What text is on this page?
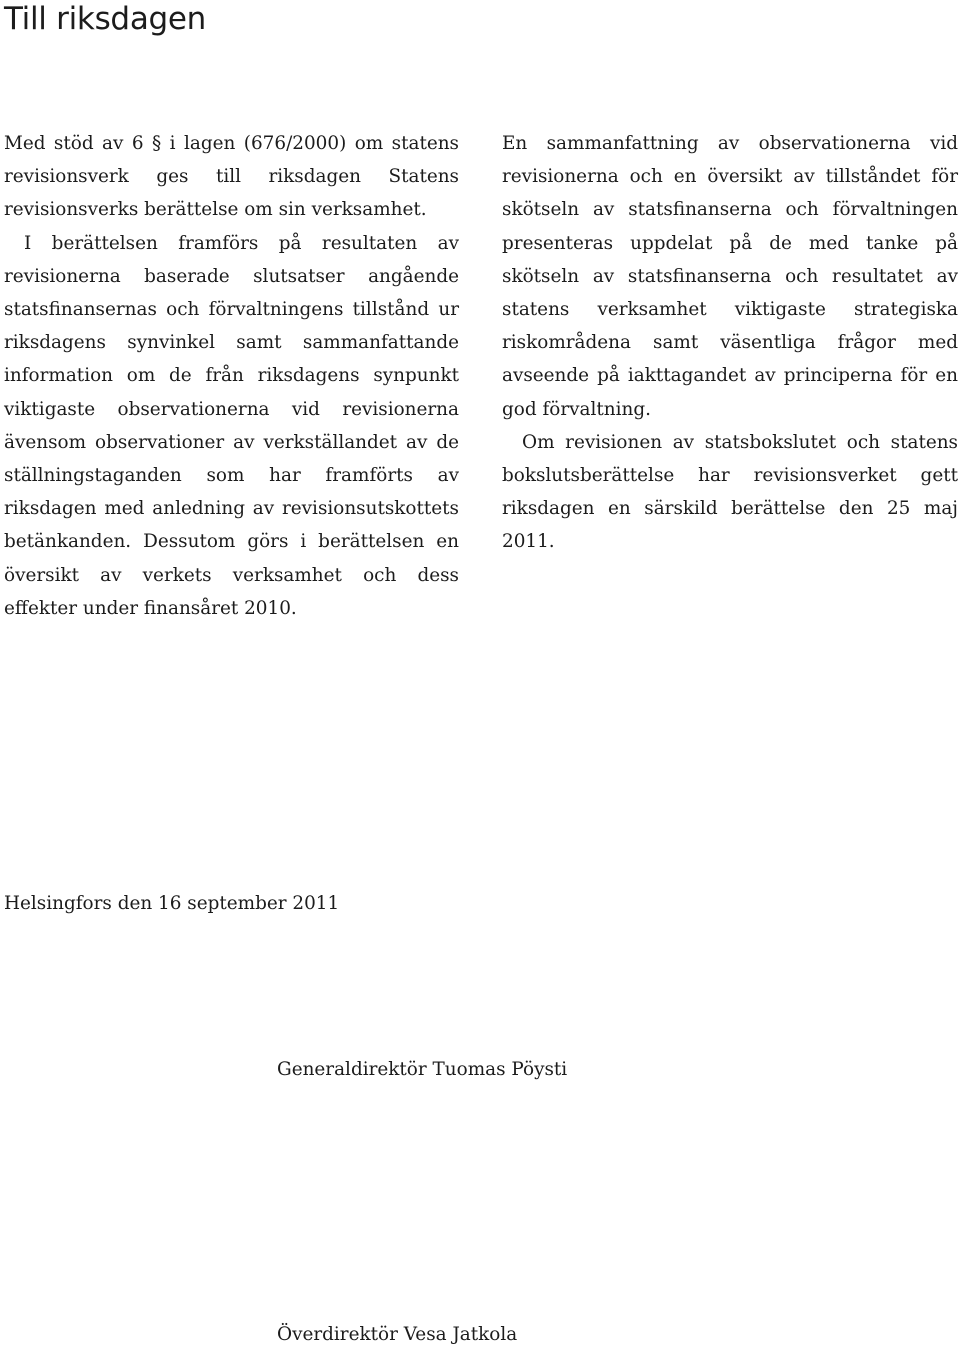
Till riksdagen

Med stöd av 6 § i lagen (676/2000) om statens revisionsverk ges till riksdagen Statens revisionsverks berättelse om sin verksamhet.

I berättelsen framförs på resultaten av revisionerna baserade slutsatser angående statsfinansernas och förvaltningens tillstånd ur riksdagens synvinkel samt sammanfattande information om de från riksdagens synpunkt viktigaste observationerna vid revisionerna ävensom observationer av verkställandet av de ställningstaganden som har framförts av riksdagen med anledning av revisionsutskottets betänkanden. Dessutom görs i berättelsen en översikt av verkets verksamhet och dess effekter under finansåret 2010.

En sammanfattning av observationerna vid revisionerna och en översikt av tillståndet för skötseln av statsfinanserna och förvaltningen presenteras uppdelat på de med tanke på skötseln av statsfinanserna och resultatet av statens verksamhet viktigaste strategiska riskområdena samt väsentliga frågor med avseende på iakttagandet av principerna för en god förvaltning.

Om revisionen av statsbokslutet och statens bokslutsberättelse har revisionsverket gett riksdagen en särskild berättelse den 25 maj 2011.

Helsingfors den 16 september 2011
Generaldirektör Tuomas Pöysti
Överdirektör Vesa Jatkola
